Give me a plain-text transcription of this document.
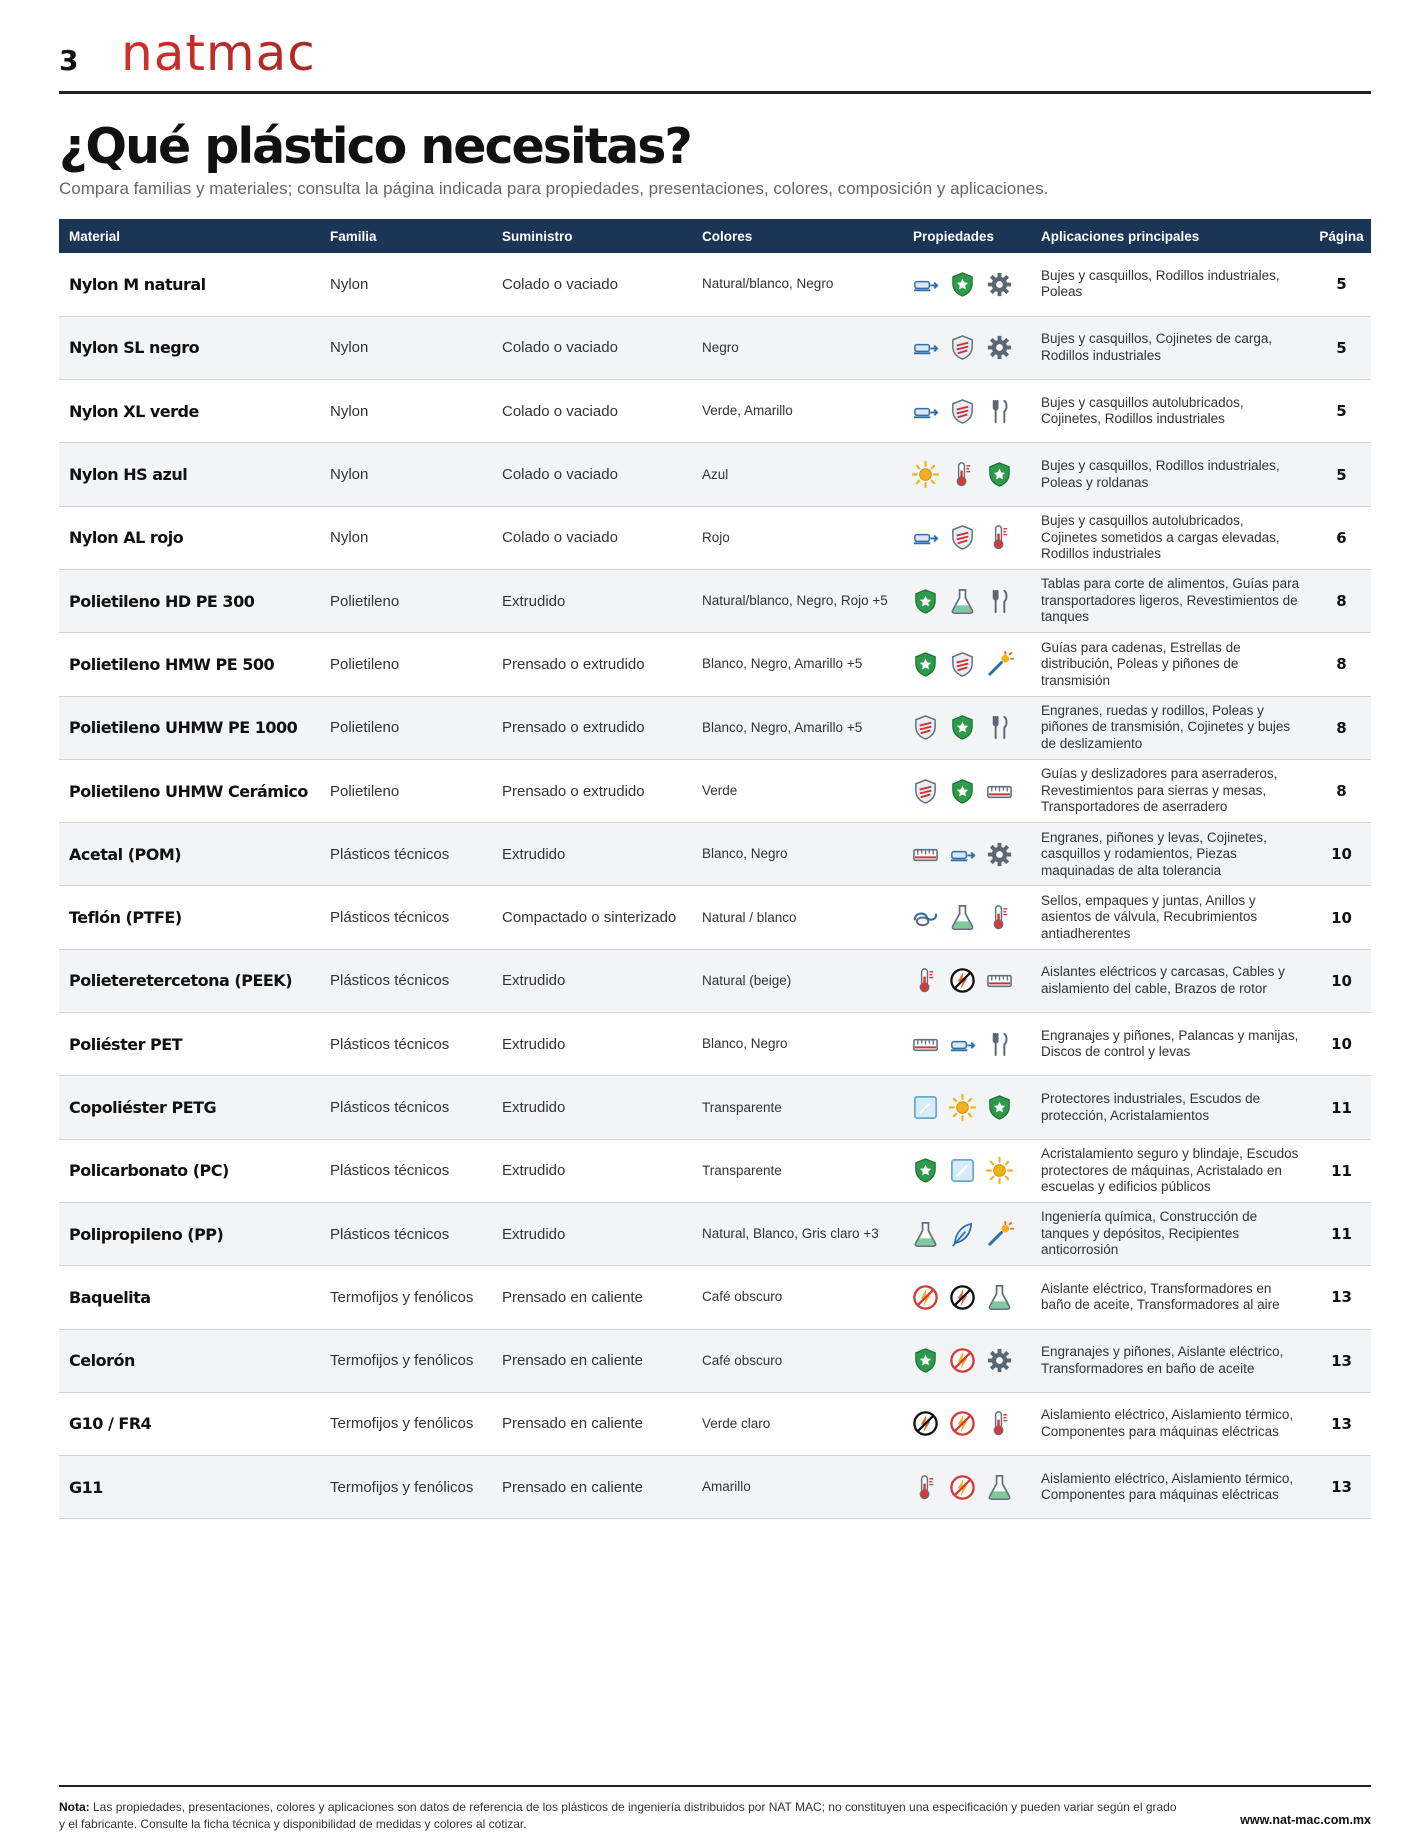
3 natmac
¿Qué plástico necesitas?

Compara familias y materiales; consulta la página indicada para propiedades, presentaciones, colores, composición y aplicaciones.

Material	Familia	Suministro	Colores	Propiedades	Aplicaciones principales	Página
Nylon M natural	Nylon	Colado o vaciado	Natural/blanco, Negro		Bujes y casquillos, Rodillos industriales, Poleas	5
Nylon SL negro	Nylon	Colado o vaciado	Negro		Bujes y casquillos, Cojinetes de carga, Rodillos industriales	5
Nylon XL verde	Nylon	Colado o vaciado	Verde, Amarillo		Bujes y casquillos autolubricados, Cojinetes, Rodillos industriales	5
Nylon HS azul	Nylon	Colado o vaciado	Azul		Bujes y casquillos, Rodillos industriales, Poleas y roldanas	5
Nylon AL rojo	Nylon	Colado o vaciado	Rojo		Bujes y casquillos autolubricados, Cojinetes sometidos a cargas elevadas, Rodillos industriales	6
Polietileno HD PE 300	Polietileno	Extrudido	Natural/blanco, Negro, Rojo +5		Tablas para corte de alimentos, Guías para transportadores ligeros, Revestimientos de tanques	8
Polietileno HMW PE 500	Polietileno	Prensado o extrudido	Blanco, Negro, Amarillo +5		Guías para cadenas, Estrellas de distribución, Poleas y piñones de transmisión	8
Polietileno UHMW PE 1000	Polietileno	Prensado o extrudido	Blanco, Negro, Amarillo +5		Engranes, ruedas y rodillos, Poleas y piñones de transmisión, Cojinetes y bujes de deslizamiento	8
Polietileno UHMW Cerámico	Polietileno	Prensado o extrudido	Verde		Guías y deslizadores para aserraderos, Revestimientos para sierras y mesas, Transportadores de aserradero	8
Acetal (POM)	Plásticos técnicos	Extrudido	Blanco, Negro		Engranes, piñones y levas, Cojinetes, casquillos y rodamientos, Piezas maquinadas de alta tolerancia	10
Teflón (PTFE)	Plásticos técnicos	Compactado o sinterizado	Natural / blanco		Sellos, empaques y juntas, Anillos y asientos de válvula, Recubrimientos antiadherentes	10
Polieteretercetona (PEEK)	Plásticos técnicos	Extrudido	Natural (beige)		Aislantes eléctricos y carcasas, Cables y aislamiento del cable, Brazos de rotor	10
Poliéster PET	Plásticos técnicos	Extrudido	Blanco, Negro		Engranajes y piñones, Palancas y manijas, Discos de control y levas	10
Copoliéster PETG	Plásticos técnicos	Extrudido	Transparente		Protectores industriales, Escudos de protección, Acristalamientos	11
Policarbonato (PC)	Plásticos técnicos	Extrudido	Transparente		Acristalamiento seguro y blindaje, Escudos protectores de máquinas, Acristalado en escuelas y edificios públicos	11
Polipropileno (PP)	Plásticos técnicos	Extrudido	Natural, Blanco, Gris claro +3		Ingeniería química, Construcción de tanques y depósitos, Recipientes anticorrosión	11
Baquelita	Termofijos y fenólicos	Prensado en caliente	Café obscuro		Aislante eléctrico, Transformadores en baño de aceite, Transformadores al aire	13
Celorón	Termofijos y fenólicos	Prensado en caliente	Café obscuro		Engranajes y piñones, Aislante eléctrico, Transformadores en baño de aceite	13
G10 / FR4	Termofijos y fenólicos	Prensado en caliente	Verde claro		Aislamiento eléctrico, Aislamiento térmico, Componentes para máquinas eléctricas	13
G11	Termofijos y fenólicos	Prensado en caliente	Amarillo		Aislamiento eléctrico, Aislamiento térmico, Componentes para máquinas eléctricas	13

Nota: Las propiedades, presentaciones, colores y aplicaciones son datos de referencia de los plásticos de ingeniería distribuidos por NAT MAC; no constituyen una especificación y pueden variar según el grado y el fabricante. Consulte la ficha técnica y disponibilidad de medidas y colores al cotizar.	www.nat-mac.com.mx
